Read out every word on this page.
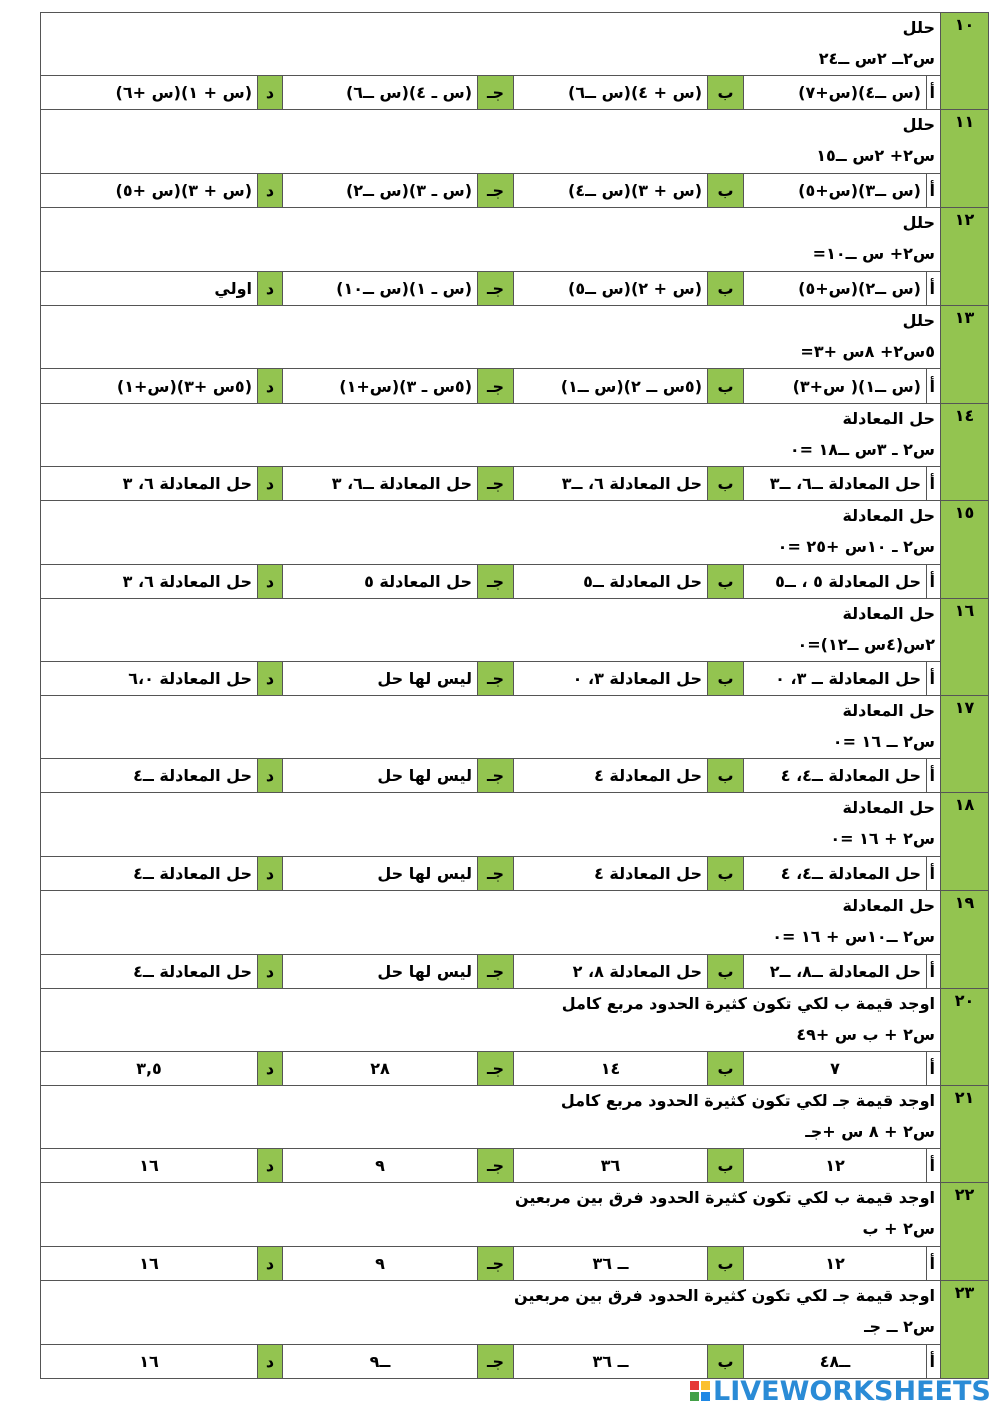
١٠	حلل
س٢ــ ٢س ــ٢٤							

	أ	(س ــ٤)(س+٧)	ب	(س + ٤)(س ــ٦)	جـ	(س ـ ٤)(س ــ٦)	د	(س + ١)(س +٦)
١١	حلل
س٢+ ٢س ــ١٥							

	أ	(س ــ٣)(س+٥)	ب	(س + ٣)(س ــ٤)	جـ	(س ـ ٣)(س ــ٢)	د	(س + ٣)(س +٥)
١٢	حلل
س٢+ س ــ١٠=							

	أ	(س ــ٢)(س+٥)	ب	(س + ٢)(س ــ٥)	جـ	(س ـ ١)(س ــ١٠)	د	اولي
١٣	حلل
٥س٢+ ٨س +٣=							

	أ	(س ــ١)( س+٣)	ب	(٥س ــ ٢)(س ــ١)	جـ	(٥س ـ ٣)(س+١)	د	(٥س +٣)(س+١)
١٤	حل المعادلة
س٢ ـ ٣س ــ١٨ =٠							

	أ	حل المعادلة ــ٦، ــ٣	ب	حل المعادلة ٦، ــ٣	جـ	حل المعادلة ــ٦، ٣	د	حل المعادلة ٦، ٣
١٥	حل المعادلة
س٢ ـ ١٠س +٢٥ =٠							

	أ	حل المعادلة ٥ ، ــ٥	ب	حل المعادلة ــ٥	جـ	حل المعادلة ٥	د	حل المعادلة ٦، ٣
١٦	حل المعادلة
٢س(٤س ــ١٢)=٠							

	أ	حل المعادلة ــ ٣، ٠	ب	حل المعادلة ٣، ٠	جـ	ليس لها حل	د	حل المعادلة ٦،٠
١٧	حل المعادلة
س٢ ــ ١٦ =٠							

	أ	حل المعادلة ــ٤، ٤	ب	حل المعادلة ٤	جـ	ليس لها حل	د	حل المعادلة ــ٤
١٨	حل المعادلة
س٢ + ١٦ =٠							

	أ	حل المعادلة ــ٤، ٤	ب	حل المعادلة ٤	جـ	ليس لها حل	د	حل المعادلة ــ٤
١٩	حل المعادلة
س٢ ــ١٠س + ١٦ =٠							

	أ	حل المعادلة ــ٨، ــ٢	ب	حل المعادلة ٨، ٢	جـ	ليس لها حل	د	حل المعادلة ــ٤
٢٠	اوجد قيمة ب لكي تكون كثيرة الحدود مربع كامل
س٢ + ب س +٤٩							

	أ	٧	ب	١٤	جـ	٢٨	د	٣,٥
٢١	اوجد قيمة جـ لكي تكون كثيرة الحدود مربع كامل
س٢ + ٨ س +جـ							

	أ	١٢	ب	٣٦	جـ	٩	د	١٦
٢٢	اوجد قيمة ب لكي تكون كثيرة الحدود فرق بين مربعين
س٢ + ب							

	أ	١٢	ب	ــ ٣٦	جـ	٩	د	١٦
٢٣	اوجد قيمة جـ لكي تكون كثيرة الحدود فرق بين مربعين
س٢ ــ جـ							

	أ	ــ٤٨	ب	ــ ٣٦	جـ	ــ٩	د	١٦
LIVEWORKSHEETS
